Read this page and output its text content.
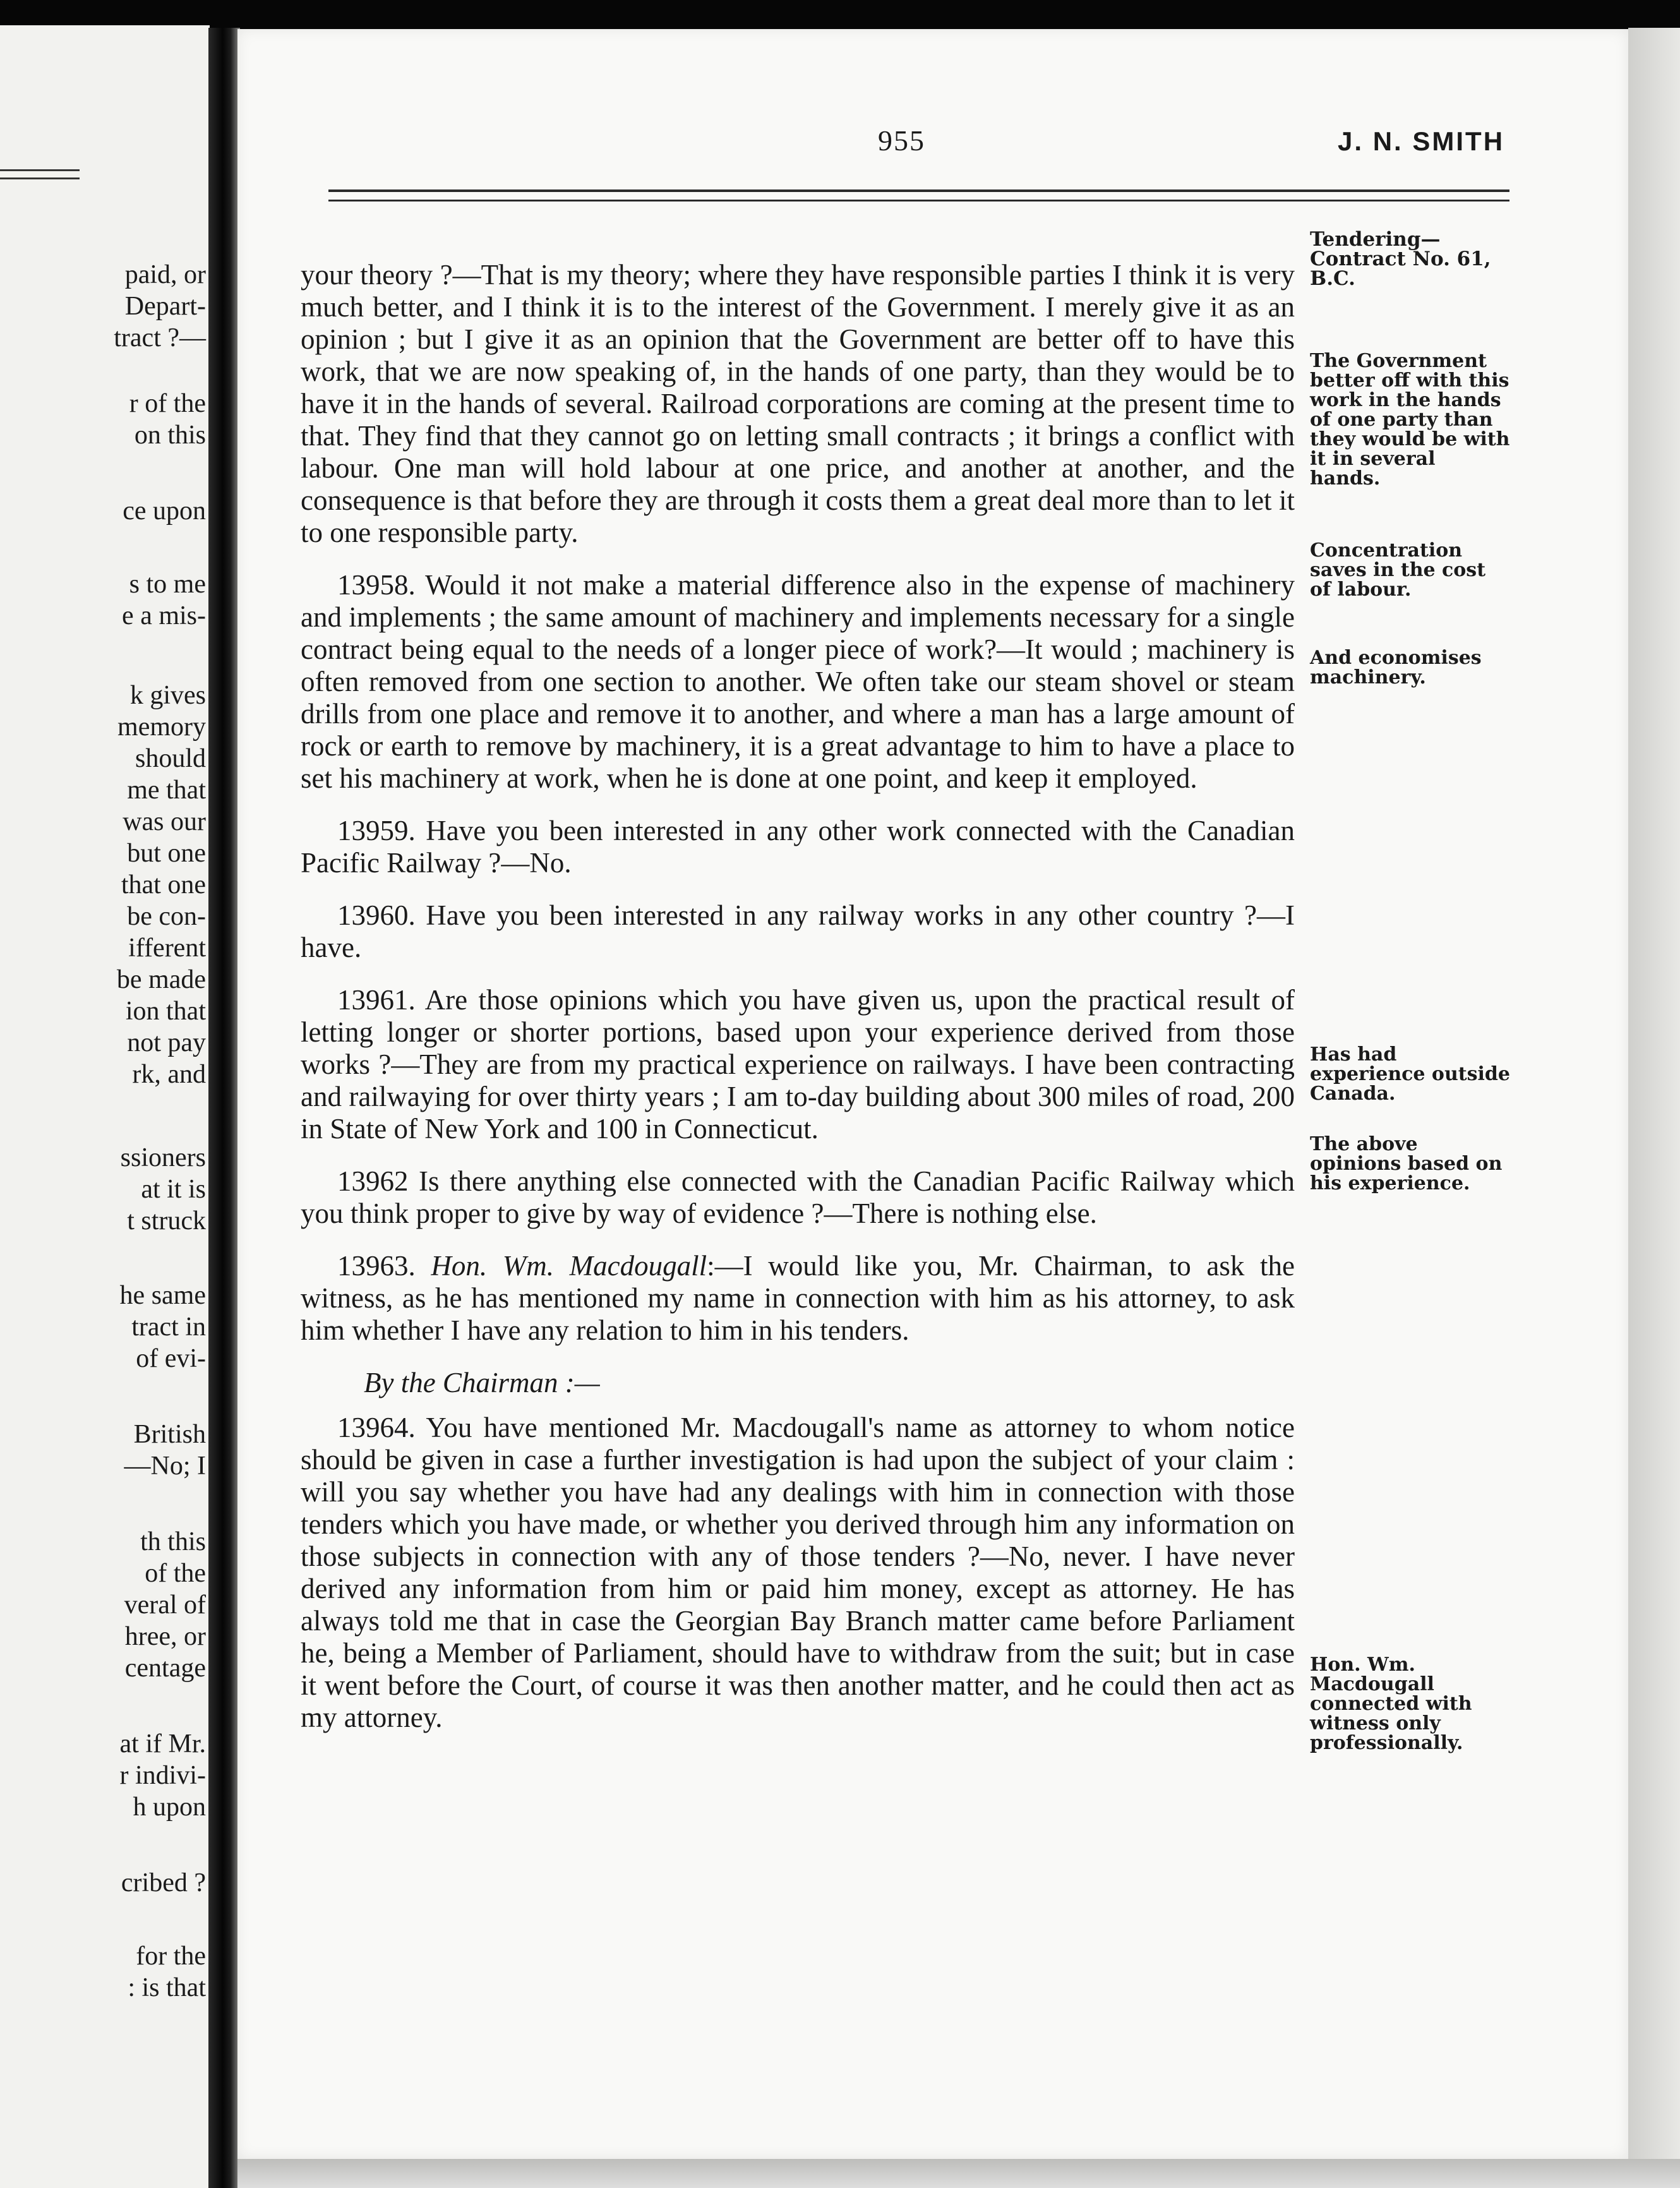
paid, or
Depart-
tract ?—
r of the
on this
ce upon
s to me
e a mis-
k gives
memory
should
me that
was our
but one
that one
be con-
ifferent
be made
ion that
not pay
rk, and
ssioners
at it is
t struck
he same
tract in
of evi-
British
—No; I
th this
of the
veral of
hree, or
centage
at if Mr.
r indivi-
h upon
cribed ?
for the
: is that
955	J. N. SMITH

your theory ?—That is my theory; where they have responsible parties I think it is very much better, and I think it is to the interest of the Government. I merely give it as an opinion ; but I give it as an opinion that the Government are better off to have this work, that we are now speaking of, in the hands of one party, than they would be to have it in the hands of several. Railroad corporations are coming at the present time to that. They find that they cannot go on letting small contracts ; it brings a conflict with labour. One man will hold labour at one price, and another at another, and the consequence is that before they are through it costs them a great deal more than to let it to one responsible party.

13958. Would it not make a material difference also in the expense of machinery and implements ; the same amount of machinery and implements necessary for a single contract being equal to the needs of a longer piece of work?—It would ; machinery is often removed from one section to another. We often take our steam shovel or steam drills from one place and remove it to another, and where a man has a large amount of rock or earth to remove by machinery, it is a great advantage to him to have a place to set his machinery at work, when he is done at one point, and keep it employed.

13959. Have you been interested in any other work connected with the Canadian Pacific Railway ?—No.

13960. Have you been interested in any railway works in any other country ?—I have.

13961. Are those opinions which you have given us, upon the practical result of letting longer or shorter portions, based upon your experience derived from those works ?—They are from my practical experience on railways. I have been contracting and railwaying for over thirty years ; I am to-day building about 300 miles of road, 200 in State of New York and 100 in Connecticut.

13962 Is there anything else connected with the Canadian Pacific Railway which you think proper to give by way of evidence ?—There is nothing else.

13963. Hon. Wm. Macdougall:—I would like you, Mr. Chairman, to ask the witness, as he has mentioned my name in connection with him as his attorney, to ask him whether I have any relation to him in his tenders.

By the Chairman :—

13964. You have mentioned Mr. Macdougall's name as attorney to whom notice should be given in case a further investigation is had upon the subject of your claim : will you say whether you have had any dealings with him in connection with those tenders which you have made, or whether you derived through him any information on those subjects in connection with any of those tenders ?—No, never. I have never derived any information from him or paid him money, except as attorney. He has always told me that in case the Georgian Bay Branch matter came before Parliament he, being a Member of Parliament, should have to withdraw from the suit; but in case it went before the Court, of course it was then another matter, and he could then act as my attorney.

Tendering—Contract No. 61, B.C.
The Government better off with this work in the hands of one party than they would be with it in several hands.
Concentration saves in the cost of labour.
And economises machinery.
Has had experience outside Canada.
The above opinions based on his experience.
Hon. Wm. Macdougall connected with witness only professionally.
